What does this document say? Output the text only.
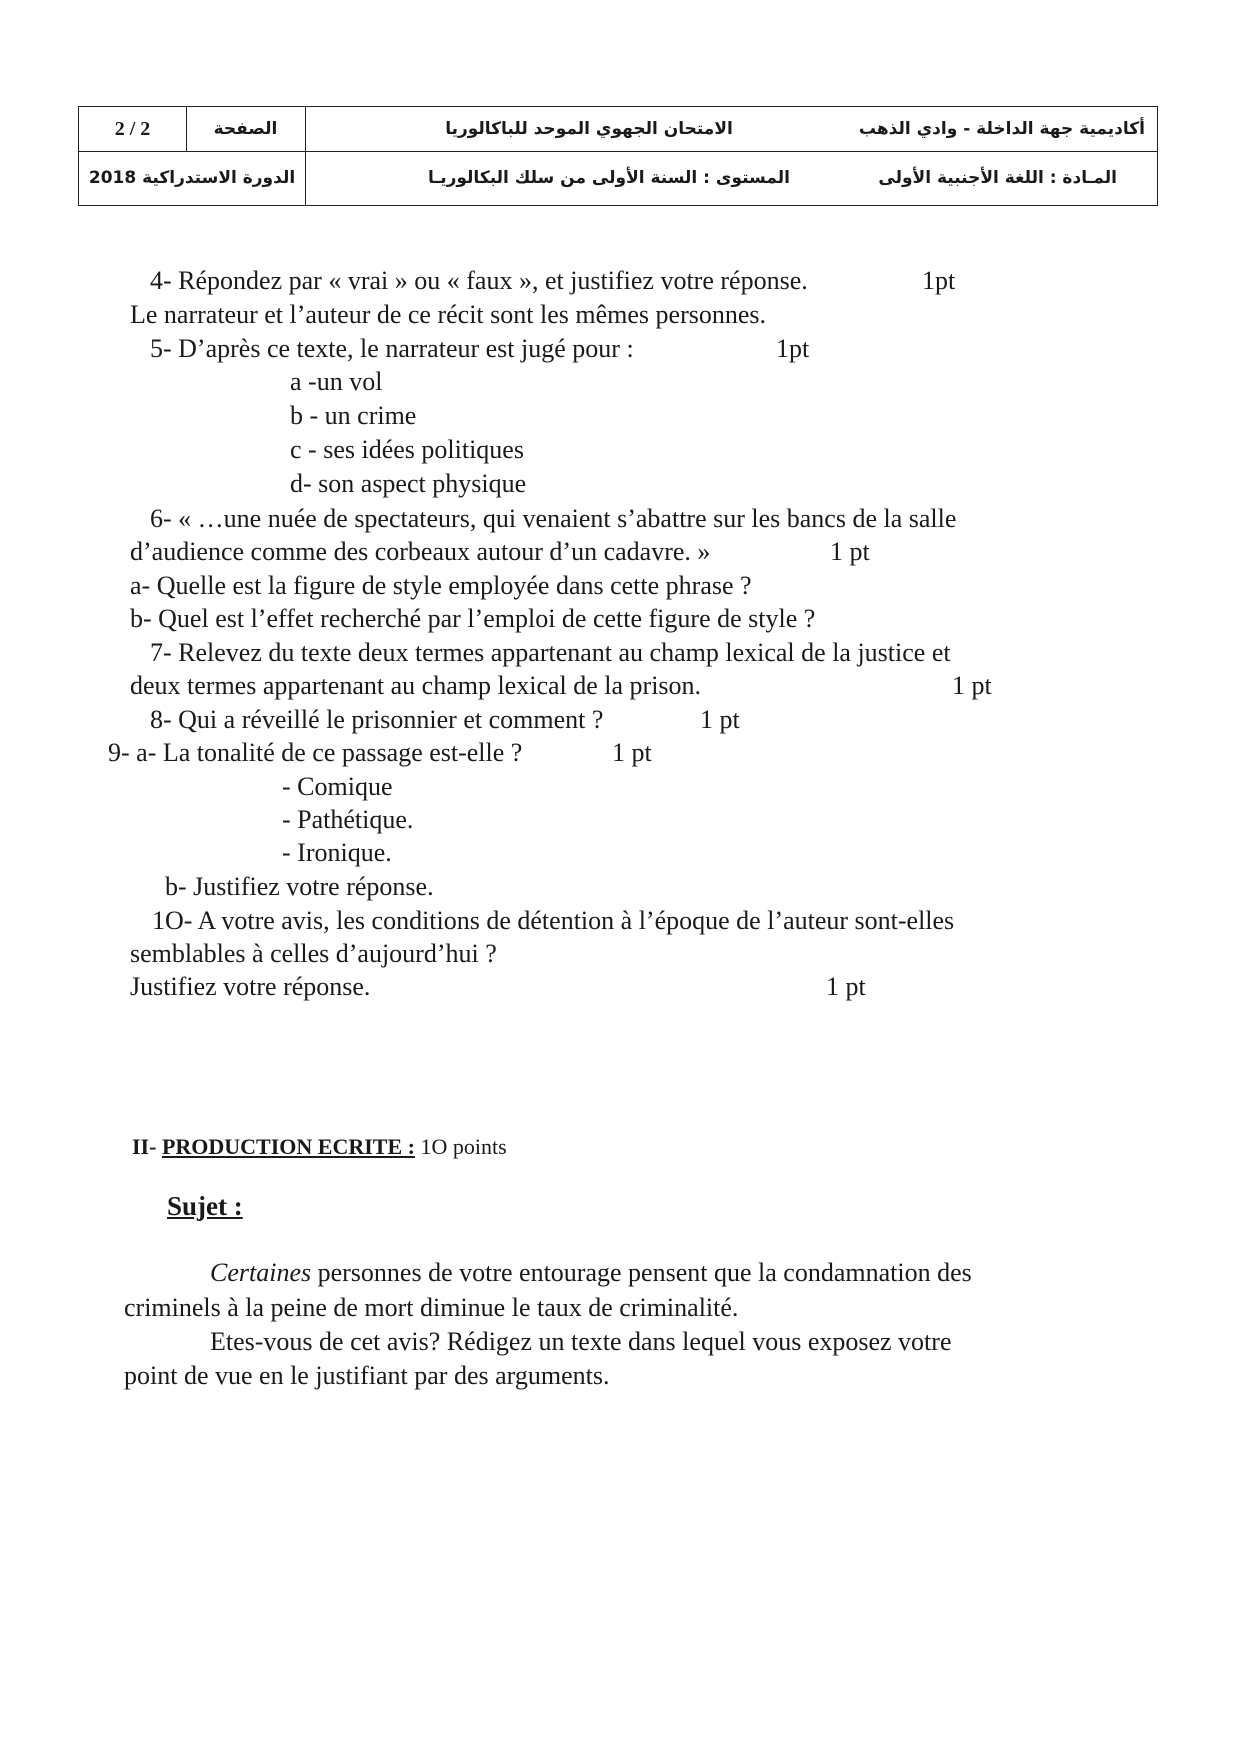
2 / 2	الصفحة	الامتحان الجهوي الموحد للباكالوريا	أكاديمية جهة الداخلة - وادي الذهب
الدورة الاستدراكية 2018	المستوى : السنة الأولى من سلك البكالوريـا	المـادة : اللغة الأجنبية الأولى
4- Répondez par « vrai » ou « faux », et justifiez votre réponse.	1pt
Le narrateur et l’auteur de ce récit sont les mêmes personnes.
5- D’après ce texte, le narrateur est jugé pour :	1pt
a -un vol
b - un crime
c - ses idées politiques
d- son aspect physique
6- « …une nuée de spectateurs, qui venaient s’abattre sur les bancs de la salle
d’audience comme des corbeaux autour d’un cadavre. »	1 pt
a- Quelle est la figure de style employée dans cette phrase ?
b- Quel est l’effet recherché par l’emploi de cette figure de style ?
7- Relevez du texte deux termes appartenant au champ lexical de la justice et
deux termes appartenant au champ lexical de la prison.	1 pt
8- Qui a réveillé le prisonnier et comment ?	1 pt
9- a- La tonalité de ce passage est-elle ?	1 pt
- Comique
- Pathétique.
- Ironique.
b- Justifiez votre réponse.
1O- A votre avis, les conditions de détention à l’époque de l’auteur sont-elles
semblables à celles d’aujourd’hui ?
Justifiez votre réponse.	1 pt
II- PRODUCTION ECRITE : 1O points
Sujet :
Certaines personnes de votre entourage pensent que la condamnation des
criminels à la peine de mort diminue le taux de criminalité.
Etes-vous de cet avis? Rédigez un texte dans lequel vous exposez votre
point de vue en le justifiant par des arguments.
